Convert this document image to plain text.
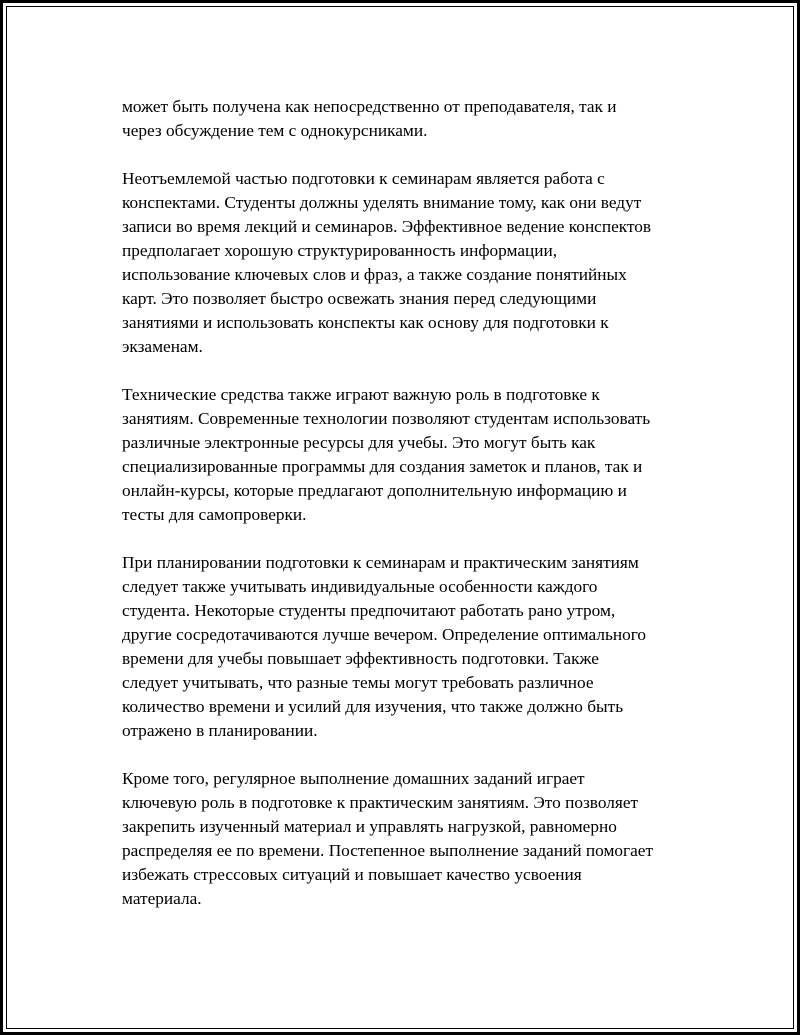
может быть получена как непосредственно от преподавателя, так и
через обсуждение тем с однокурсниками.

Неотъемлемой частью подготовки к семинарам является работа с
конспектами. Студенты должны уделять внимание тому, как они ведут
записи во время лекций и семинаров. Эффективное ведение конспектов
предполагает хорошую структурированность информации,
использование ключевых слов и фраз, а также создание понятийных
карт. Это позволяет быстро освежать знания перед следующими
занятиями и использовать конспекты как основу для подготовки к
экзаменам.

Технические средства также играют важную роль в подготовке к
занятиям. Современные технологии позволяют студентам использовать
различные электронные ресурсы для учебы. Это могут быть как
специализированные программы для создания заметок и планов, так и
онлайн-курсы, которые предлагают дополнительную информацию и
тесты для самопроверки.

При планировании подготовки к семинарам и практическим занятиям
следует также учитывать индивидуальные особенности каждого
студента. Некоторые студенты предпочитают работать рано утром,
другие сосредотачиваются лучше вечером. Определение оптимального
времени для учебы повышает эффективность подготовки. Также
следует учитывать, что разные темы могут требовать различное
количество времени и усилий для изучения, что также должно быть
отражено в планировании.

Кроме того, регулярное выполнение домашних заданий играет
ключевую роль в подготовке к практическим занятиям. Это позволяет
закрепить изученный материал и управлять нагрузкой, равномерно
распределяя ее по времени. Постепенное выполнение заданий помогает
избежать стрессовых ситуаций и повышает качество усвоения
материала.
